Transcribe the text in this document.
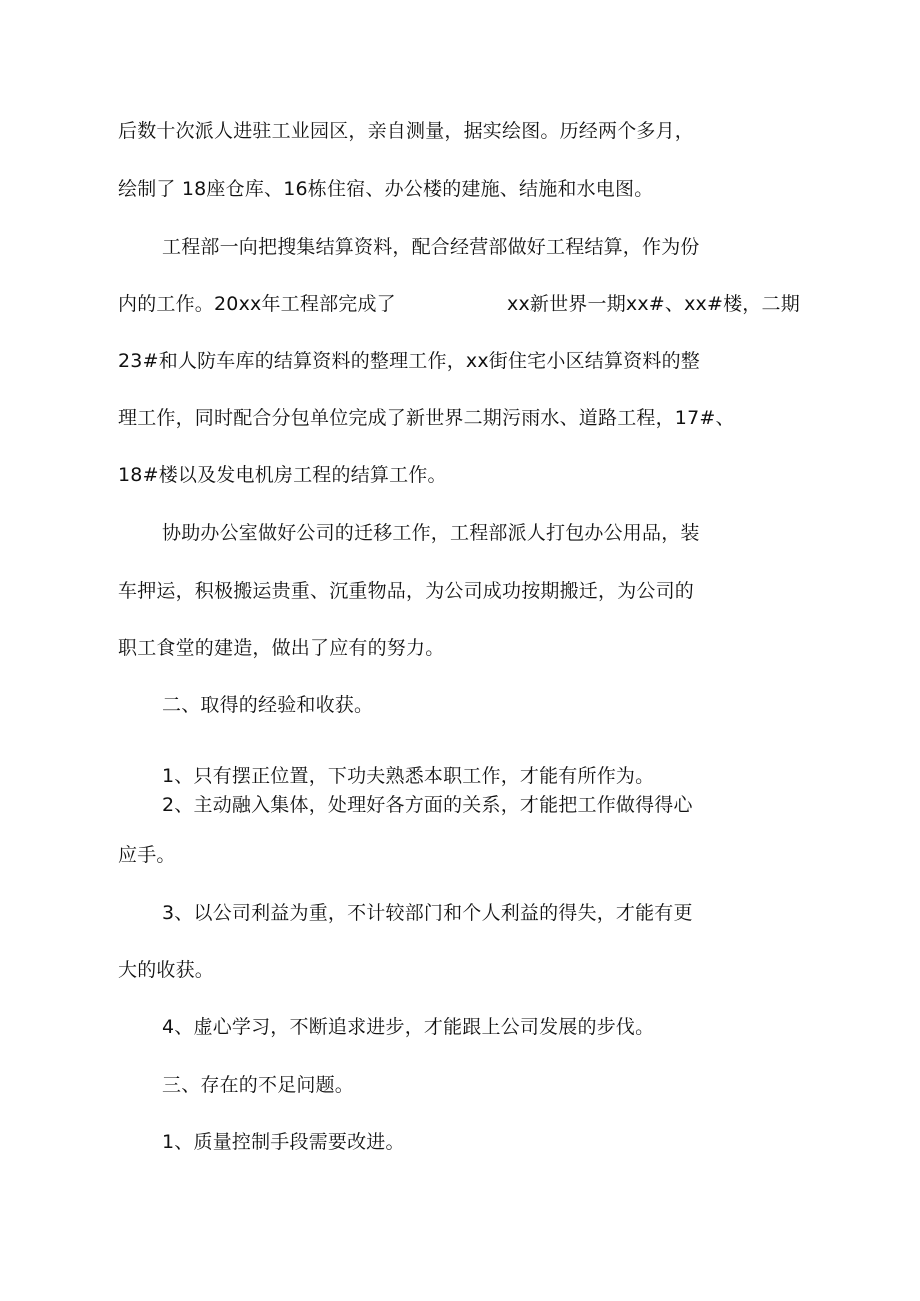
后数十次派人进驻工业园区，亲自测量，据实绘图。历经两个多月，
绘制了 18座仓库、16栋住宿、办公楼的建施、结施和水电图。
工程部一向把搜集结算资料，配合经营部做好工程结算，作为份
内的工作。20xx年工程部完成了	xx新世界一期xx#、xx#楼，二期
23#和人防车库的结算资料的整理工作，xx街住宅小区结算资料的整
理工作，同时配合分包单位完成了新世界二期污雨水、道路工程，17#、
18#楼以及发电机房工程的结算工作。
协助办公室做好公司的迁移工作，工程部派人打包办公用品，装
车押运，积极搬运贵重、沉重物品，为公司成功按期搬迁，为公司的
职工食堂的建造，做出了应有的努力。
二、取得的经验和收获。
1、只有摆正位置，下功夫熟悉本职工作，才能有所作为。
2、主动融入集体，处理好各方面的关系，才能把工作做得得心
应手。
3、以公司利益为重，不计较部门和个人利益的得失，才能有更
大的收获。
4、虚心学习，不断追求进步，才能跟上公司发展的步伐。
三、存在的不足问题。
1、质量控制手段需要改进。
